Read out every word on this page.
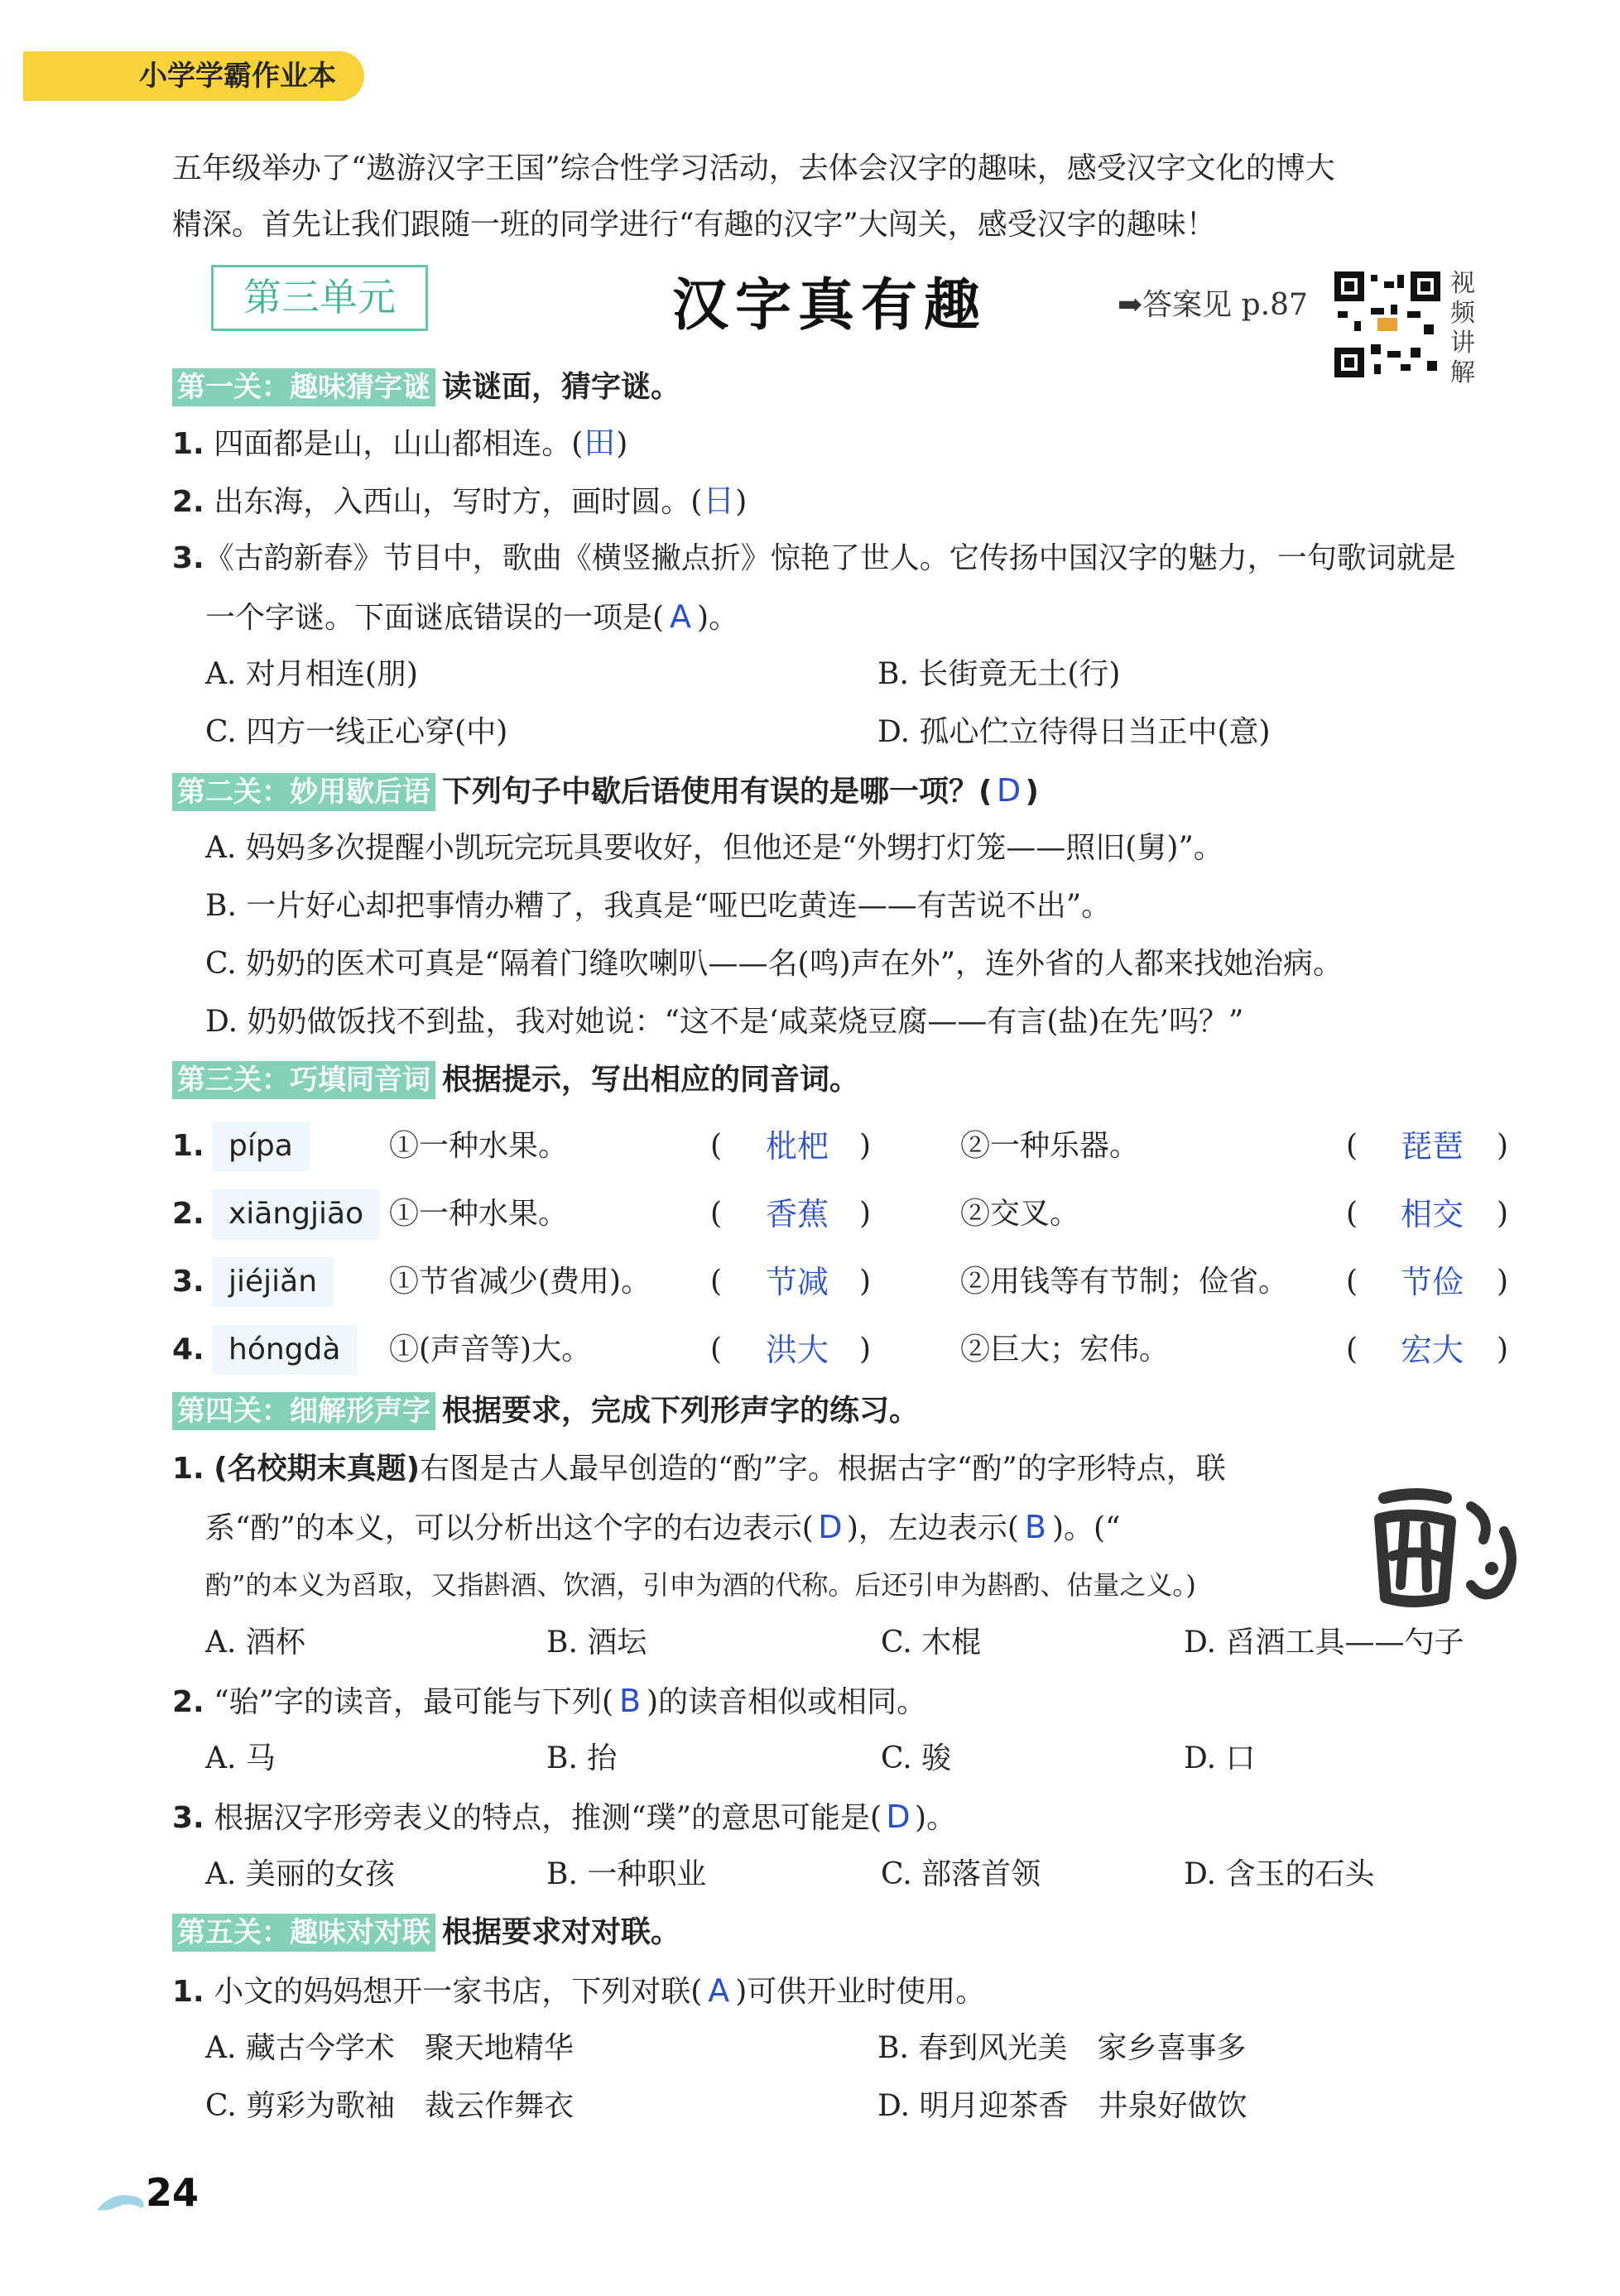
小学学霸作业本
五年级举办了“遨游汉字王国”综合性学习活动，去体会汉字的趣味，感受汉字文化的博大
精深。首先让我们跟随一班的同学进行“有趣的汉字”大闯关，感受汉字的趣味！
第三单元	汉字真有趣	➡答案见 p.87
视
频
讲
解
第一关：趣味猜字谜 读谜面，猜字谜。
1. 四面都是山，山山都相连。(田)
2. 出东海，入西山，写时方，画时圆。(日)
3.《古韵新春》节目中，歌曲《横竖撇点折》惊艳了世人。它传扬中国汉字的魅力，一句歌词就是
一个字谜。下面谜底错误的一项是( A )。
A. 对月相连(朋)	B. 长街竟无土(行)
C. 四方一线正心穿(中)	D. 孤心伫立待得日当正中(意)
第二关：妙用歇后语 下列句子中歇后语使用有误的是哪一项？( D )
A. 妈妈多次提醒小凯玩完玩具要收好，但他还是“外甥打灯笼——照旧(舅)”。
B. 一片好心却把事情办糟了，我真是“哑巴吃黄连——有苦说不出”。
C. 奶奶的医术可真是“隔着门缝吹喇叭——名(鸣)声在外”，连外省的人都来找她治病。
D. 奶奶做饭找不到盐，我对她说：“这不是‘咸菜烧豆腐——有言(盐)在先’吗？”
第三关：巧填同音词 根据提示，写出相应的同音词。
1. pípa	①一种水果。	(	枇杷	)	②一种乐器。	(	琵琶	)
2. xiāngjiāo ①一种水果。	(	香蕉	)	②交叉。	(	相交	)
3. jiéjiǎn	①节省减少(费用)。 (	节减	)	②用钱等有节制；俭省。 (	节俭	)
4. hóngdà	①(声音等)大。	(	洪大	)	②巨大；宏伟。	(	宏大	)
第四关：细解形声字 根据要求，完成下列形声字的练习。
1. (名校期末真题)右图是古人最早创造的“酌”字。根据古字“酌”的字形特点，联
系“酌”的本义，可以分析出这个字的右边表示( D )，左边表示( B )。(“
酌”的本义为舀取，又指斟酒、饮酒，引申为酒的代称。后还引申为斟酌、估量之义。)
A. 酒杯	B. 酒坛	C. 木棍	D. 舀酒工具——勺子
2. “骀”字的读音，最可能与下列( B )的读音相似或相同。
A. 马	B. 抬	C. 骏	D. 口
3. 根据汉字形旁表义的特点，推测“璞”的意思可能是( D )。
A. 美丽的女孩	B. 一种职业	C. 部落首领	D. 含玉的石头
第五关：趣味对对联 根据要求对对联。
1. 小文的妈妈想开一家书店，下列对联( A )可供开业时使用。
A. 藏古今学术　聚天地精华	B. 春到风光美　家乡喜事多
C. 剪彩为歌袖　裁云作舞衣	D. 明月迎茶香　井泉好做饮
24
